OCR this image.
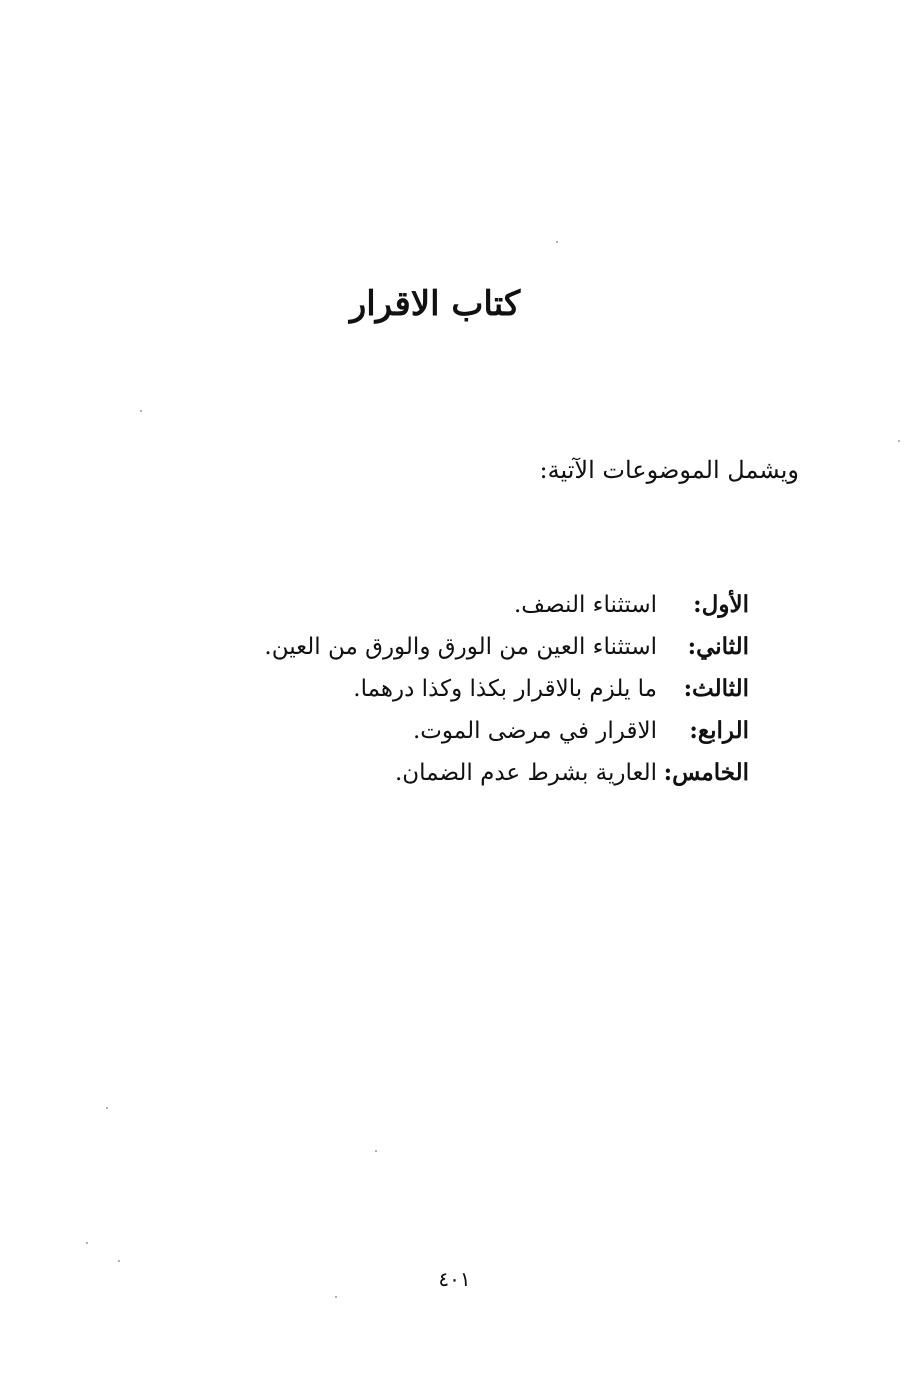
كتاب الاقرار
ويشمل الموضوعات الآتية:
الأول:
استثناء النصف.
الثاني:
استثناء العين من الورق والورق من العين.
الثالث:
ما يلزم بالاقرار بكذا وكذا درهما.
الرابع:
الاقرار في مرضى الموت.
الخامس:
العارية بشرط عدم الضمان.
٤٠١
